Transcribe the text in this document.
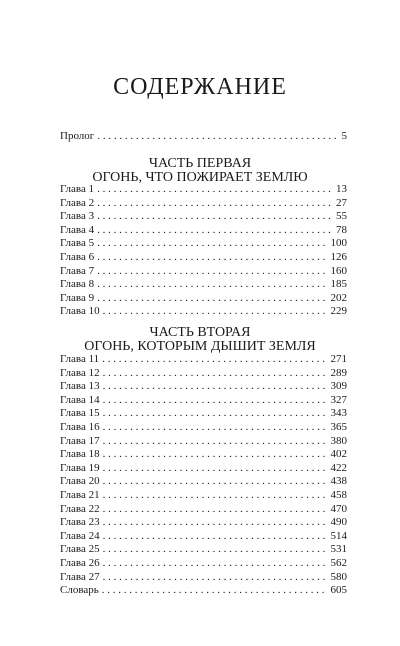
СОДЕРЖАНИЕ
Пролог . . .	5
ЧАСТЬ ПЕРВАЯ
ОГОНЬ, ЧТО ПОЖИРАЕТ ЗЕМЛЮ
Глава 1 . . .	13
Глава 2 . . .	27
Глава 3 . . .	55
Глава 4 . . .	78
Глава 5 . . .	100
Глава 6 . . .	126
Глава 7 . . .	160
Глава 8 . . .	185
Глава 9 . . .	202
Глава 10 . . .	229
ЧАСТЬ ВТОРАЯ
ОГОНЬ, КОТОРЫМ ДЫШИТ ЗЕМЛЯ
Глава 11 . . .	271
Глава 12 . . .	289
Глава 13 . . .	309
Глава 14 . . .	327
Глава 15 . . .	343
Глава 16 . . .	365
Глава 17 . . .	380
Глава 18 . . .	402
Глава 19 . . .	422
Глава 20 . . .	438
Глава 21 . . .	458
Глава 22 . . .	470
Глава 23 . . .	490
Глава 24 . . .	514
Глава 25 . . .	531
Глава 26 . . .	562
Глава 27 . . .	580
Словарь . . .	605
